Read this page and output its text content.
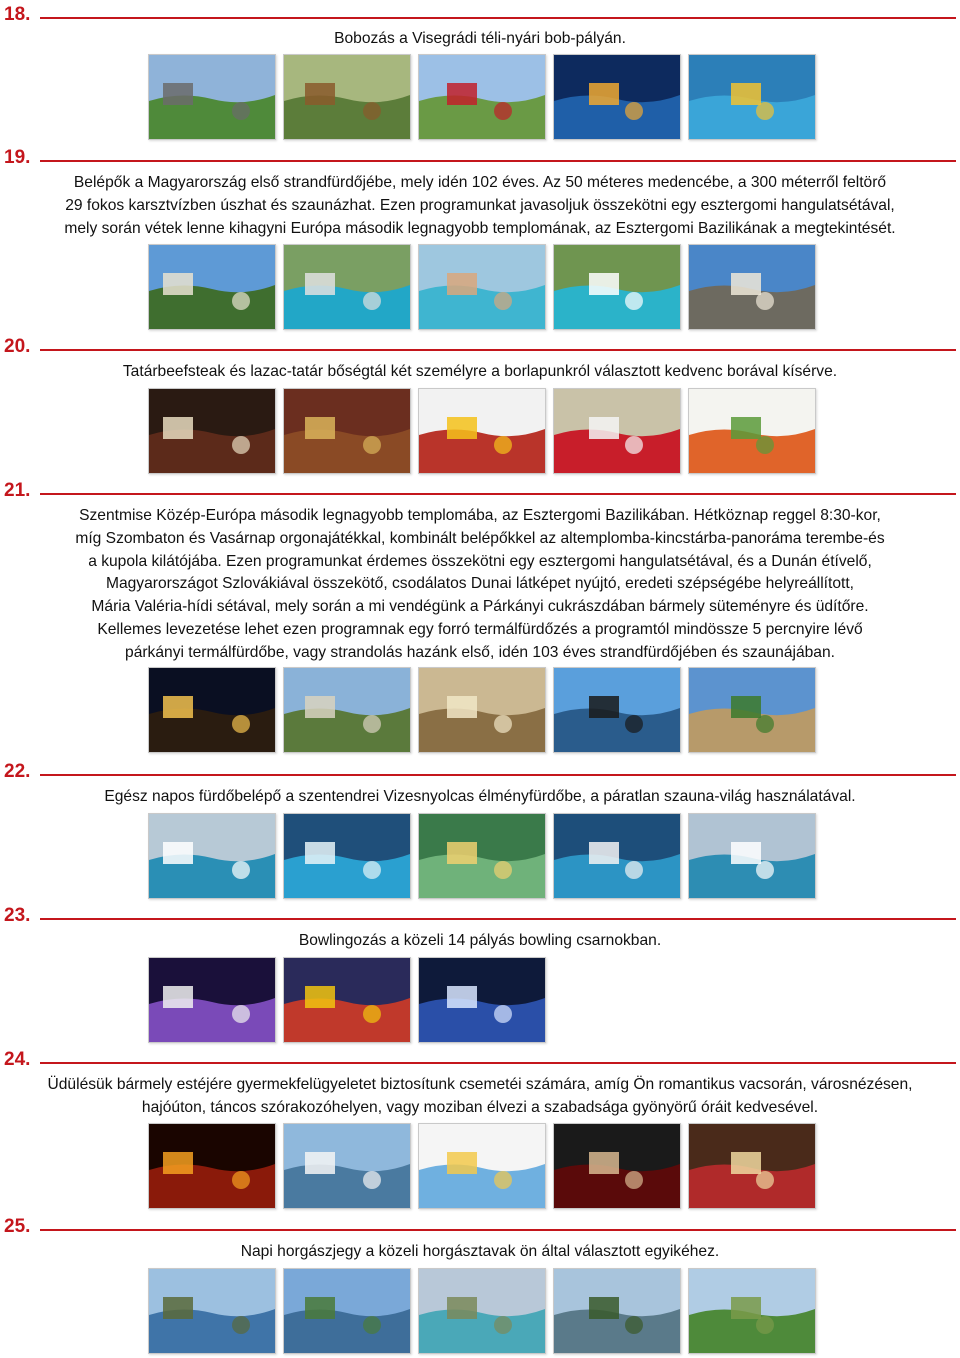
18.
Bobozás a Visegrádi téli-nyári bob-pályán.
19.
Belépők a Magyarország első strandfürdőjébe, mely idén 102 éves. Az 50 méteres medencébe, a 300 méterről feltörő
29 fokos karsztvízben úszhat és szaunázhat. Ezen programunkat javasoljuk összekötni egy esztergomi hangulatsétával,
mely során vétek lenne kihagyni Európa második legnagyobb templomának, az Esztergomi Bazilikának a megtekintését.
20.
Tatárbeefsteak és lazac-tatár bőségtál két személyre a borlapunkról választott kedvenc borával kísérve.
21.
Szentmise Közép-Európa második legnagyobb templomába, az Esztergomi Bazilikában. Hétköznap reggel 8:30-kor,
míg Szombaton és Vasárnap orgonajátékkal, kombinált belépőkkel az altemplomba-kincstárba-panoráma terembe-és
a kupola kilátójába. Ezen programunkat érdemes összekötni egy esztergomi hangulatsétával, és a Dunán étívelő,
Magyarországot Szlovákiával összekötő, csodálatos Dunai látképet nyújtó, eredeti szépségébe helyreállított,
Mária Valéria-hídi sétával, mely során a mi vendégünk a Párkányi cukrászdában bármely süteményre és üdítőre.
Kellemes levezetése lehet ezen programnak egy forró termálfürdőzés a programtól mindössze 5 percnyire lévő
párkányi termálfürdőbe, vagy strandolás hazánk első, idén 103 éves strandfürdőjében és szaunájában.
22.
Egész napos fürdőbelépő a szentendrei Vizesnyolcas élményfürdőbe, a páratlan szauna-világ használatával.
23.
Bowlingozás a közeli 14 pályás bowling csarnokban.
24.
Üdülésük bármely estéjére gyermekfelügyeletet biztosítunk csemetéi számára, amíg Ön romantikus vacsorán, városnézésen,
hajóúton, táncos szórakozóhelyen, vagy moziban élvezi a szabadsága gyönyörű óráit kedvesével.
25.
Napi horgászjegy a közeli horgásztavak ön által választott egyikéhez.
